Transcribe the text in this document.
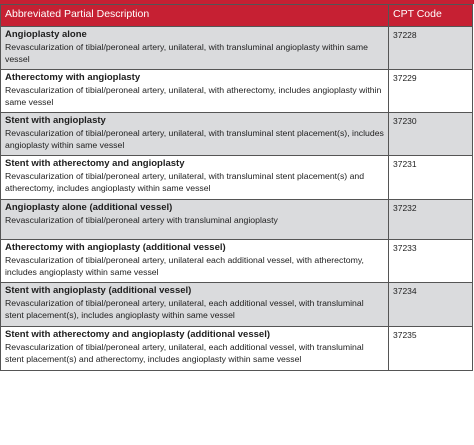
Abbreviated Partial Description	CPT Code

Angioplasty alone
Revascularization of tibial/peroneal artery, unilateral, with transluminal angioplasty within same vessel	37228

Atherectomy with angioplasty
Revascularization of tibial/peroneal artery, unilateral, with atherectomy, includes angioplasty within same vessel	37229

Stent with angioplasty
Revascularization of tibial/peroneal artery, unilateral, with transluminal stent placement(s), includes angioplasty within same vessel	37230

Stent with atherectomy and angioplasty
Revascularization of tibial/peroneal artery, unilateral, with transluminal stent placement(s) and atherectomy, includes angioplasty within same vessel	37231

Angioplasty alone (additional vessel)
Revascularization of tibial/peroneal artery with transluminal angioplasty	37232

Atherectomy with angioplasty (additional vessel)
Revascularization of tibial/peroneal artery, unilateral each additional vessel, with atherectomy, includes angioplasty within same vessel	37233

Stent with angioplasty (additional vessel)
Revascularization of tibial/peroneal artery, unilateral, each additional vessel, with transluminal stent placement(s), includes angioplasty within same vessel	37234

Stent with atherectomy and angioplasty (additional vessel)
Revascularization of tibial/peroneal artery, unilateral, each additional vessel, with transluminal stent placement(s) and atherectomy, includes angioplasty within same vessel	37235
